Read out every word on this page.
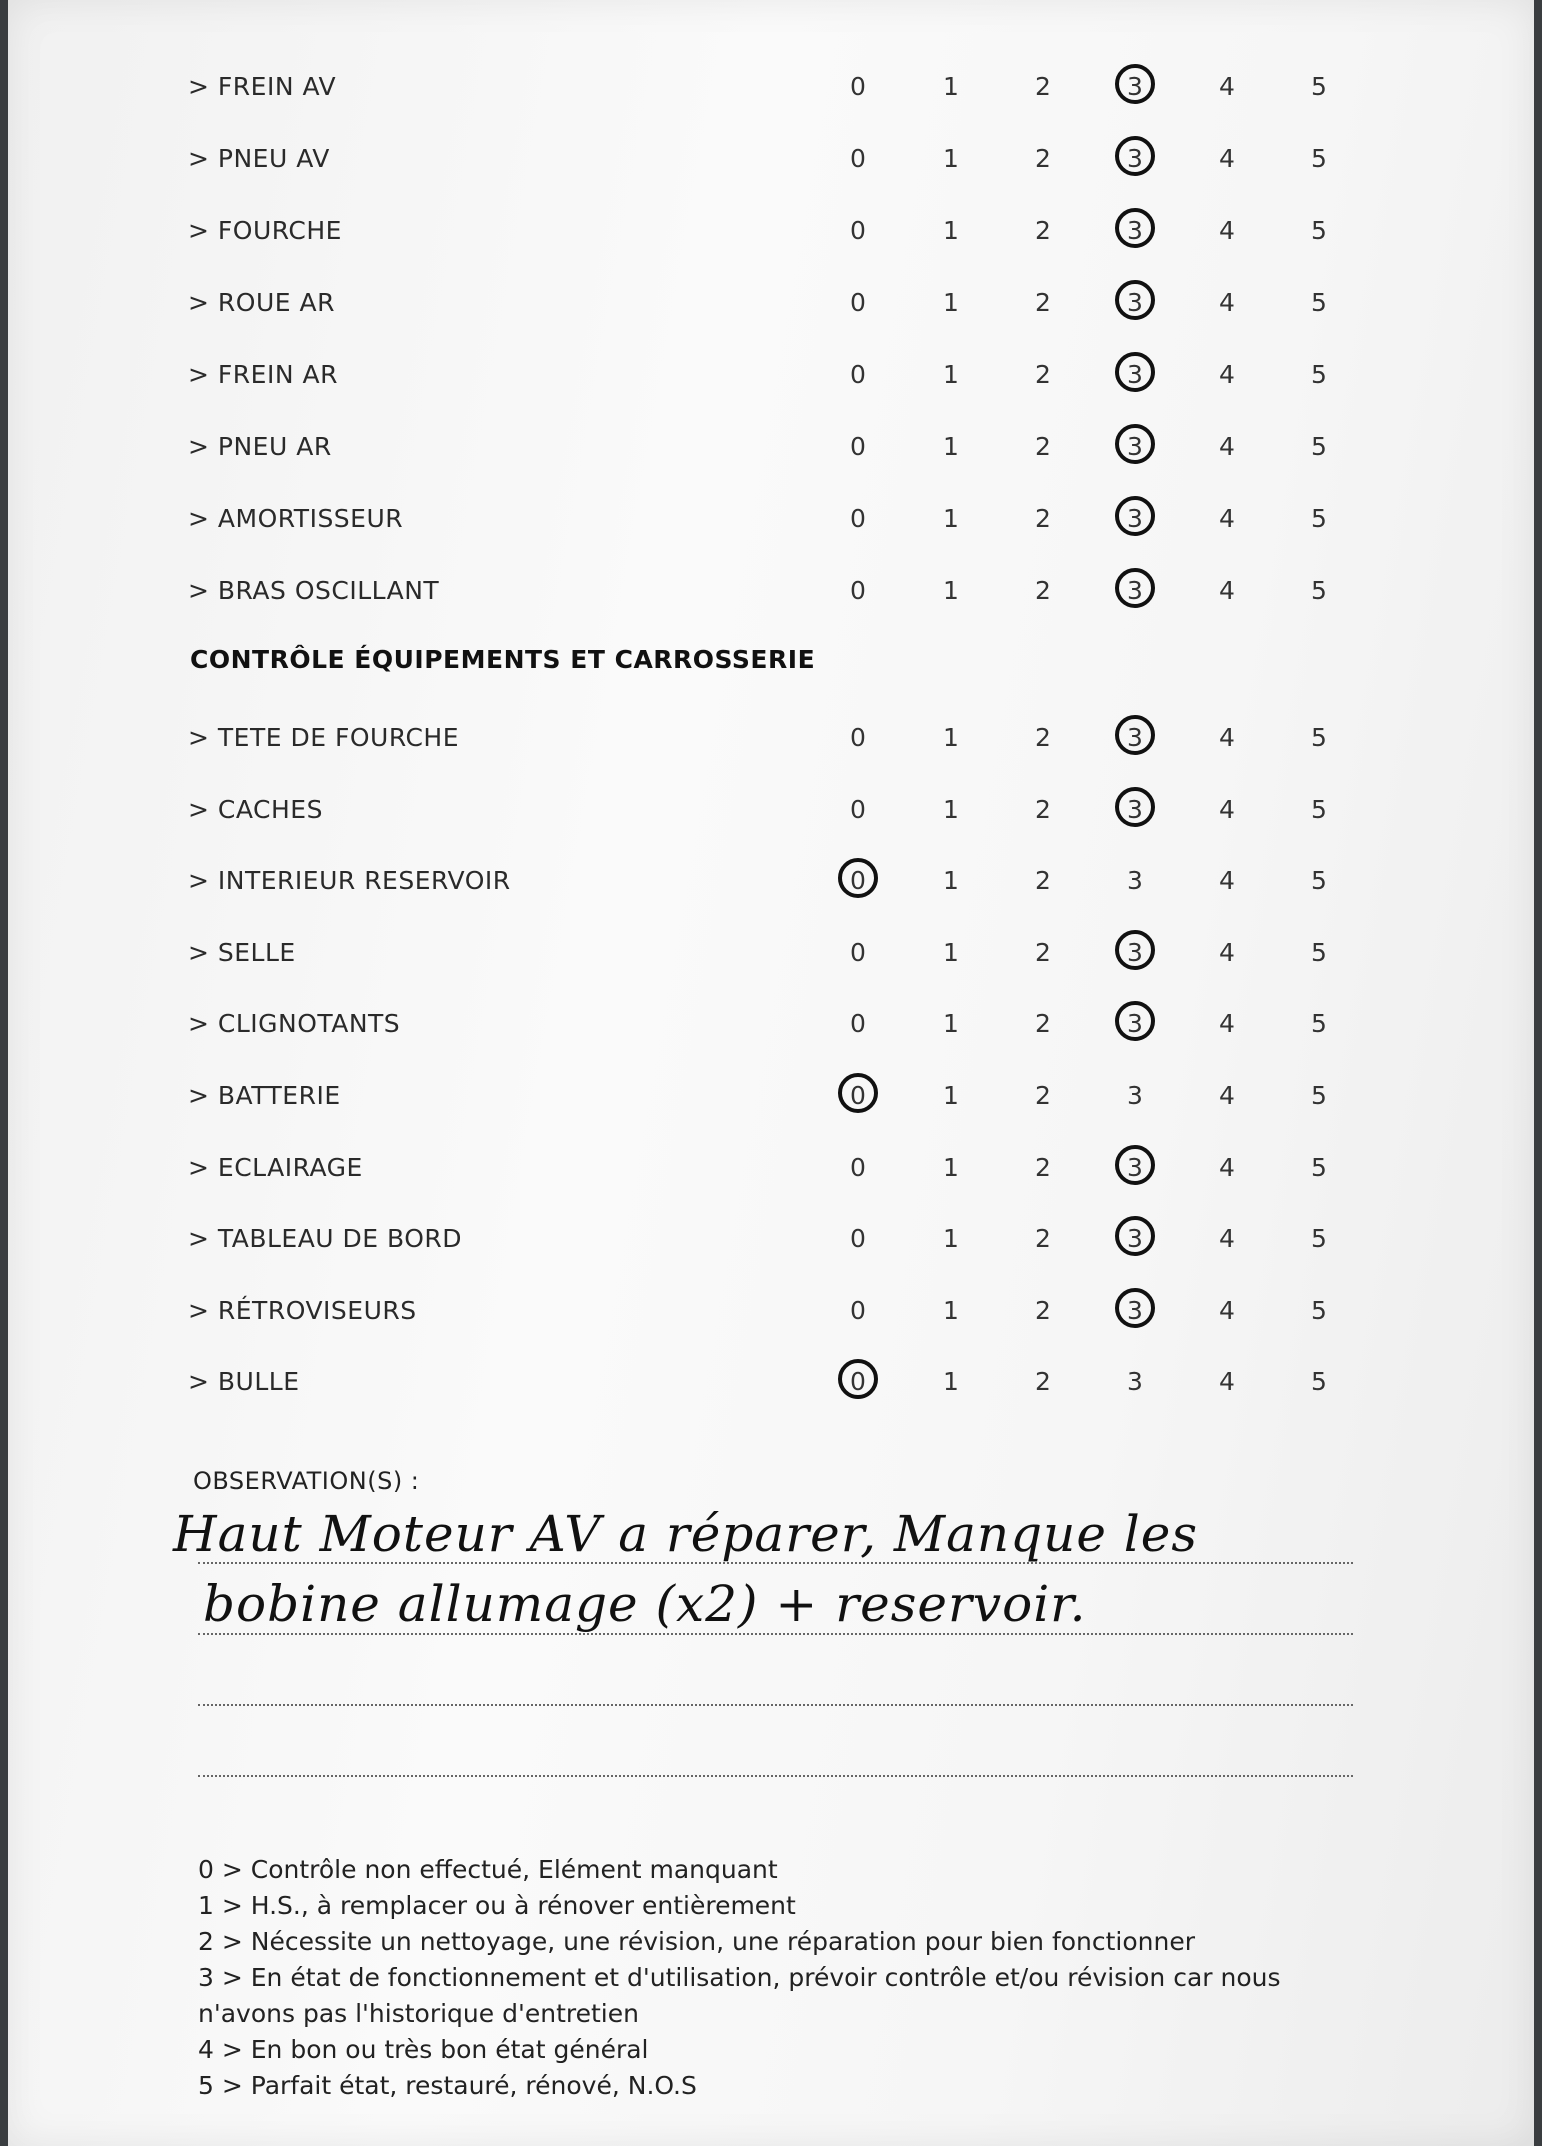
> FREIN AV	0	1	2	3	4	5
> PNEU AV	0	1	2	3	4	5
> FOURCHE	0	1	2	3	4	5
> ROUE AR	0	1	2	3	4	5
> FREIN AR	0	1	2	3	4	5
> PNEU AR	0	1	2	3	4	5
> AMORTISSEUR	0	1	2	3	4	5
> BRAS OSCILLANT	0	1	2	3	4	5
CONTRÔLE ÉQUIPEMENTS ET CARROSSERIE
> TETE DE FOURCHE	0	1	2	3	4	5
> CACHES	0	1	2	3	4	5
> INTERIEUR RESERVOIR	0	1	2	3	4	5
> SELLE	0	1	2	3	4	5
> CLIGNOTANTS	0	1	2	3	4	5
> BATTERIE	0	1	2	3	4	5
> ECLAIRAGE	0	1	2	3	4	5
> TABLEAU DE BORD	0	1	2	3	4	5
> RÉTROVISEURS	0	1	2	3	4	5
> BULLE	0	1	2	3	4	5
OBSERVATION(S) :
Haut Moteur AV a réparer, Manque les
bobine allumage (x2) + reservoir.
0 > Contrôle non effectué, Elément manquant
1 > H.S., à remplacer ou à rénover entièrement
2 > Nécessite un nettoyage, une révision, une réparation pour bien fonctionner
3 > En état de fonctionnement et d'utilisation, prévoir contrôle et/ou révision car nous n'avons pas l'historique d'entretien
4 > En bon ou très bon état général
5 > Parfait état, restauré, rénové, N.O.S
